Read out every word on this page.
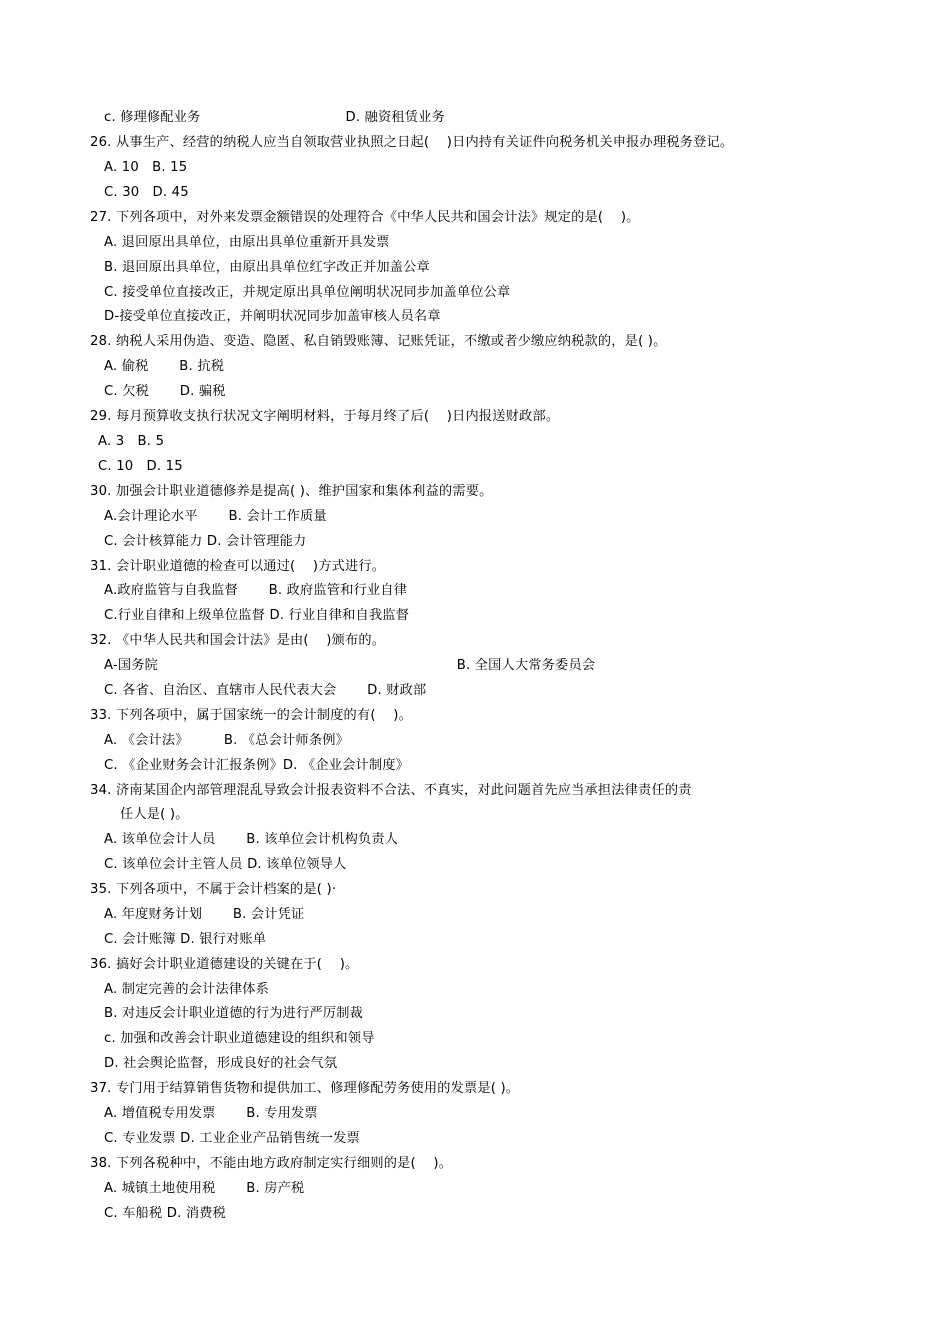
c. 修理修配业务                                 D. 融资租赁业务
26. 从事生产、经营的纳税人应当自领取营业执照之日起(    )日内持有关证件向税务机关申报办理税务登记。
A. 10   B. 15
C. 30   D. 45
27. 下列各项中，对外来发票金额错误的处理符合《中华人民共和国会计法》规定的是(    )。
A. 退回原出具单位，由原出具单位重新开具发票
B. 退回原出具单位，由原出具单位红字改正并加盖公章
C. 接受单位直接改正，并规定原出具单位阐明状况同步加盖单位公章
D-接受单位直接改正，并阐明状况同步加盖审核人员名章
28. 纳税人采用伪造、变造、隐匿、私自销毁账簿、记账凭证，不缴或者少缴应纳税款的，是( )。
A. 偷税       B. 抗税
C. 欠税       D. 骗税
29. 每月预算收支执行状况文字阐明材料，于每月终了后(    )日内报送财政部。
A. 3   B. 5
C. 10   D. 15
30. 加强会计职业道德修养是提高( )、维护国家和集体利益的需要。
A.会计理论水平       B. 会计工作质量
C. 会计核算能力 D. 会计管理能力
31. 会计职业道德的检查可以通过(    )方式进行。
A.政府监管与自我监督       B. 政府监管和行业自律
C.行业自律和上级单位监督 D. 行业自律和自我监督
32. 《中华人民共和国会计法》是由(    )颁布的。
A-国务院                                                                    B. 全国人大常务委员会
C. 各省、自治区、直辖市人民代表大会       D. 财政部
33. 下列各项中，属于国家统一的会计制度的有(    )。
A. 《会计法》        B. 《总会计师条例》
C. 《企业财务会计汇报条例》D. 《企业会计制度》
34. 济南某国企内部管理混乱导致会计报表资料不合法、不真实，对此问题首先应当承担法律责任的责
任人是( )。
A. 该单位会计人员       B. 该单位会计机构负责人
C. 该单位会计主管人员 D. 该单位领导人
35. 下列各项中，不属于会计档案的是( )·
A. 年度财务计划       B. 会计凭证
C. 会计账簿 D. 银行对账单
36. 搞好会计职业道德建设的关键在于(    )。
A. 制定完善的会计法律体系
B. 对违反会计职业道德的行为进行严厉制裁
c. 加强和改善会计职业道德建设的组织和领导
D. 社会舆论监督，形成良好的社会气氛
37. 专门用于结算销售货物和提供加工、修理修配劳务使用的发票是( )。
A. 增值税专用发票       B. 专用发票
C. 专业发票 D. 工业企业产品销售统一发票
38. 下列各税种中，不能由地方政府制定实行细则的是(    )。
A. 城镇土地使用税       B. 房产税
C. 车船税 D. 消费税
